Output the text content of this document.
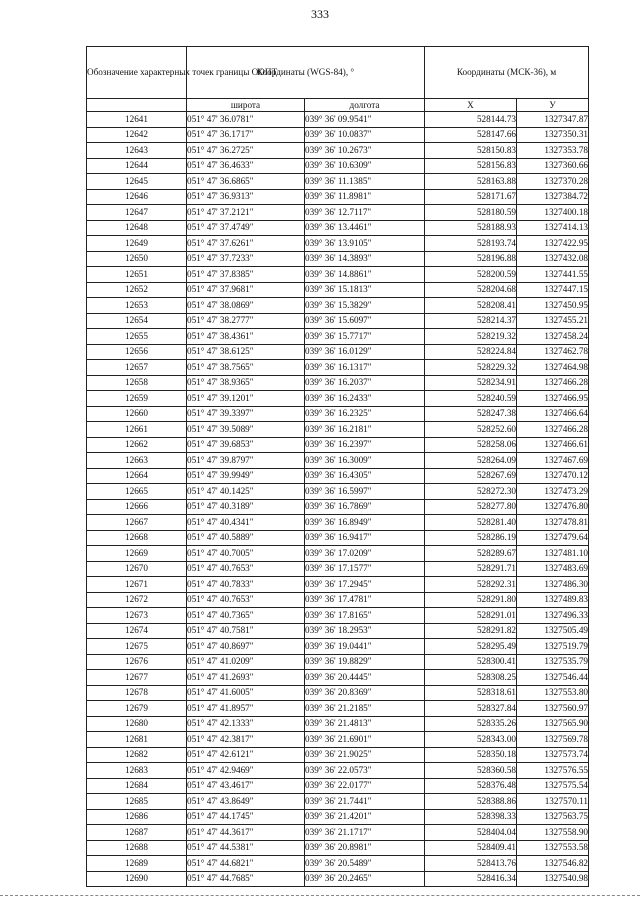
333
Обозначение характерных точек границы ООПТ	Координаты (WGS-84), °		Координаты (МСК-36), м	
	широта	долгота	X	У
12641	051° 47' 36.0781"	039° 36' 09.9541"	528144.73	1327347.87
12642	051° 47' 36.1717"	039° 36' 10.0837"	528147.66	1327350.31
12643	051° 47' 36.2725"	039° 36' 10.2673"	528150.83	1327353.78
12644	051° 47' 36.4633"	039° 36' 10.6309"	528156.83	1327360.66
12645	051° 47' 36.6865"	039° 36' 11.1385"	528163.88	1327370.28
12646	051° 47' 36.9313"	039° 36' 11.8981"	528171.67	1327384.72
12647	051° 47' 37.2121"	039° 36' 12.7117"	528180.59	1327400.18
12648	051° 47' 37.4749"	039° 36' 13.4461"	528188.93	1327414.13
12649	051° 47' 37.6261"	039° 36' 13.9105"	528193.74	1327422.95
12650	051° 47' 37.7233"	039° 36' 14.3893"	528196.88	1327432.08
12651	051° 47' 37.8385"	039° 36' 14.8861"	528200.59	1327441.55
12652	051° 47' 37.9681"	039° 36' 15.1813"	528204.68	1327447.15
12653	051° 47' 38.0869"	039° 36' 15.3829"	528208.41	1327450.95
12654	051° 47' 38.2777"	039° 36' 15.6097"	528214.37	1327455.21
12655	051° 47' 38.4361"	039° 36' 15.7717"	528219.32	1327458.24
12656	051° 47' 38.6125"	039° 36' 16.0129"	528224.84	1327462.78
12657	051° 47' 38.7565"	039° 36' 16.1317"	528229.32	1327464.98
12658	051° 47' 38.9365"	039° 36' 16.2037"	528234.91	1327466.28
12659	051° 47' 39.1201"	039° 36' 16.2433"	528240.59	1327466.95
12660	051° 47' 39.3397"	039° 36' 16.2325"	528247.38	1327466.64
12661	051° 47' 39.5089"	039° 36' 16.2181"	528252.60	1327466.28
12662	051° 47' 39.6853"	039° 36' 16.2397"	528258.06	1327466.61
12663	051° 47' 39.8797"	039° 36' 16.3009"	528264.09	1327467.69
12664	051° 47' 39.9949"	039° 36' 16.4305"	528267.69	1327470.12
12665	051° 47' 40.1425"	039° 36' 16.5997"	528272.30	1327473.29
12666	051° 47' 40.3189"	039° 36' 16.7869"	528277.80	1327476.80
12667	051° 47' 40.4341"	039° 36' 16.8949"	528281.40	1327478.81
12668	051° 47' 40.5889"	039° 36' 16.9417"	528286.19	1327479.64
12669	051° 47' 40.7005"	039° 36' 17.0209"	528289.67	1327481.10
12670	051° 47' 40.7653"	039° 36' 17.1577"	528291.71	1327483.69
12671	051° 47' 40.7833"	039° 36' 17.2945"	528292.31	1327486.30
12672	051° 47' 40.7653"	039° 36' 17.4781"	528291.80	1327489.83
12673	051° 47' 40.7365"	039° 36' 17.8165"	528291.01	1327496.33
12674	051° 47' 40.7581"	039° 36' 18.2953"	528291.82	1327505.49
12675	051° 47' 40.8697"	039° 36' 19.0441"	528295.49	1327519.79
12676	051° 47' 41.0209"	039° 36' 19.8829"	528300.41	1327535.79
12677	051° 47' 41.2693"	039° 36' 20.4445"	528308.25	1327546.44
12678	051° 47' 41.6005"	039° 36' 20.8369"	528318.61	1327553.80
12679	051° 47' 41.8957"	039° 36' 21.2185"	528327.84	1327560.97
12680	051° 47' 42.1333"	039° 36' 21.4813"	528335.26	1327565.90
12681	051° 47' 42.3817"	039° 36' 21.6901"	528343.00	1327569.78
12682	051° 47' 42.6121"	039° 36' 21.9025"	528350.18	1327573.74
12683	051° 47' 42.9469"	039° 36' 22.0573"	528360.58	1327576.55
12684	051° 47' 43.4617"	039° 36' 22.0177"	528376.48	1327575.54
12685	051° 47' 43.8649"	039° 36' 21.7441"	528388.86	1327570.11
12686	051° 47' 44.1745"	039° 36' 21.4201"	528398.33	1327563.75
12687	051° 47' 44.3617"	039° 36' 21.1717"	528404.04	1327558.90
12688	051° 47' 44.5381"	039° 36' 20.8981"	528409.41	1327553.58
12689	051° 47' 44.6821"	039° 36' 20.5489"	528413.76	1327546.82
12690	051° 47' 44.7685"	039° 36' 20.2465"	528416.34	1327540.98
